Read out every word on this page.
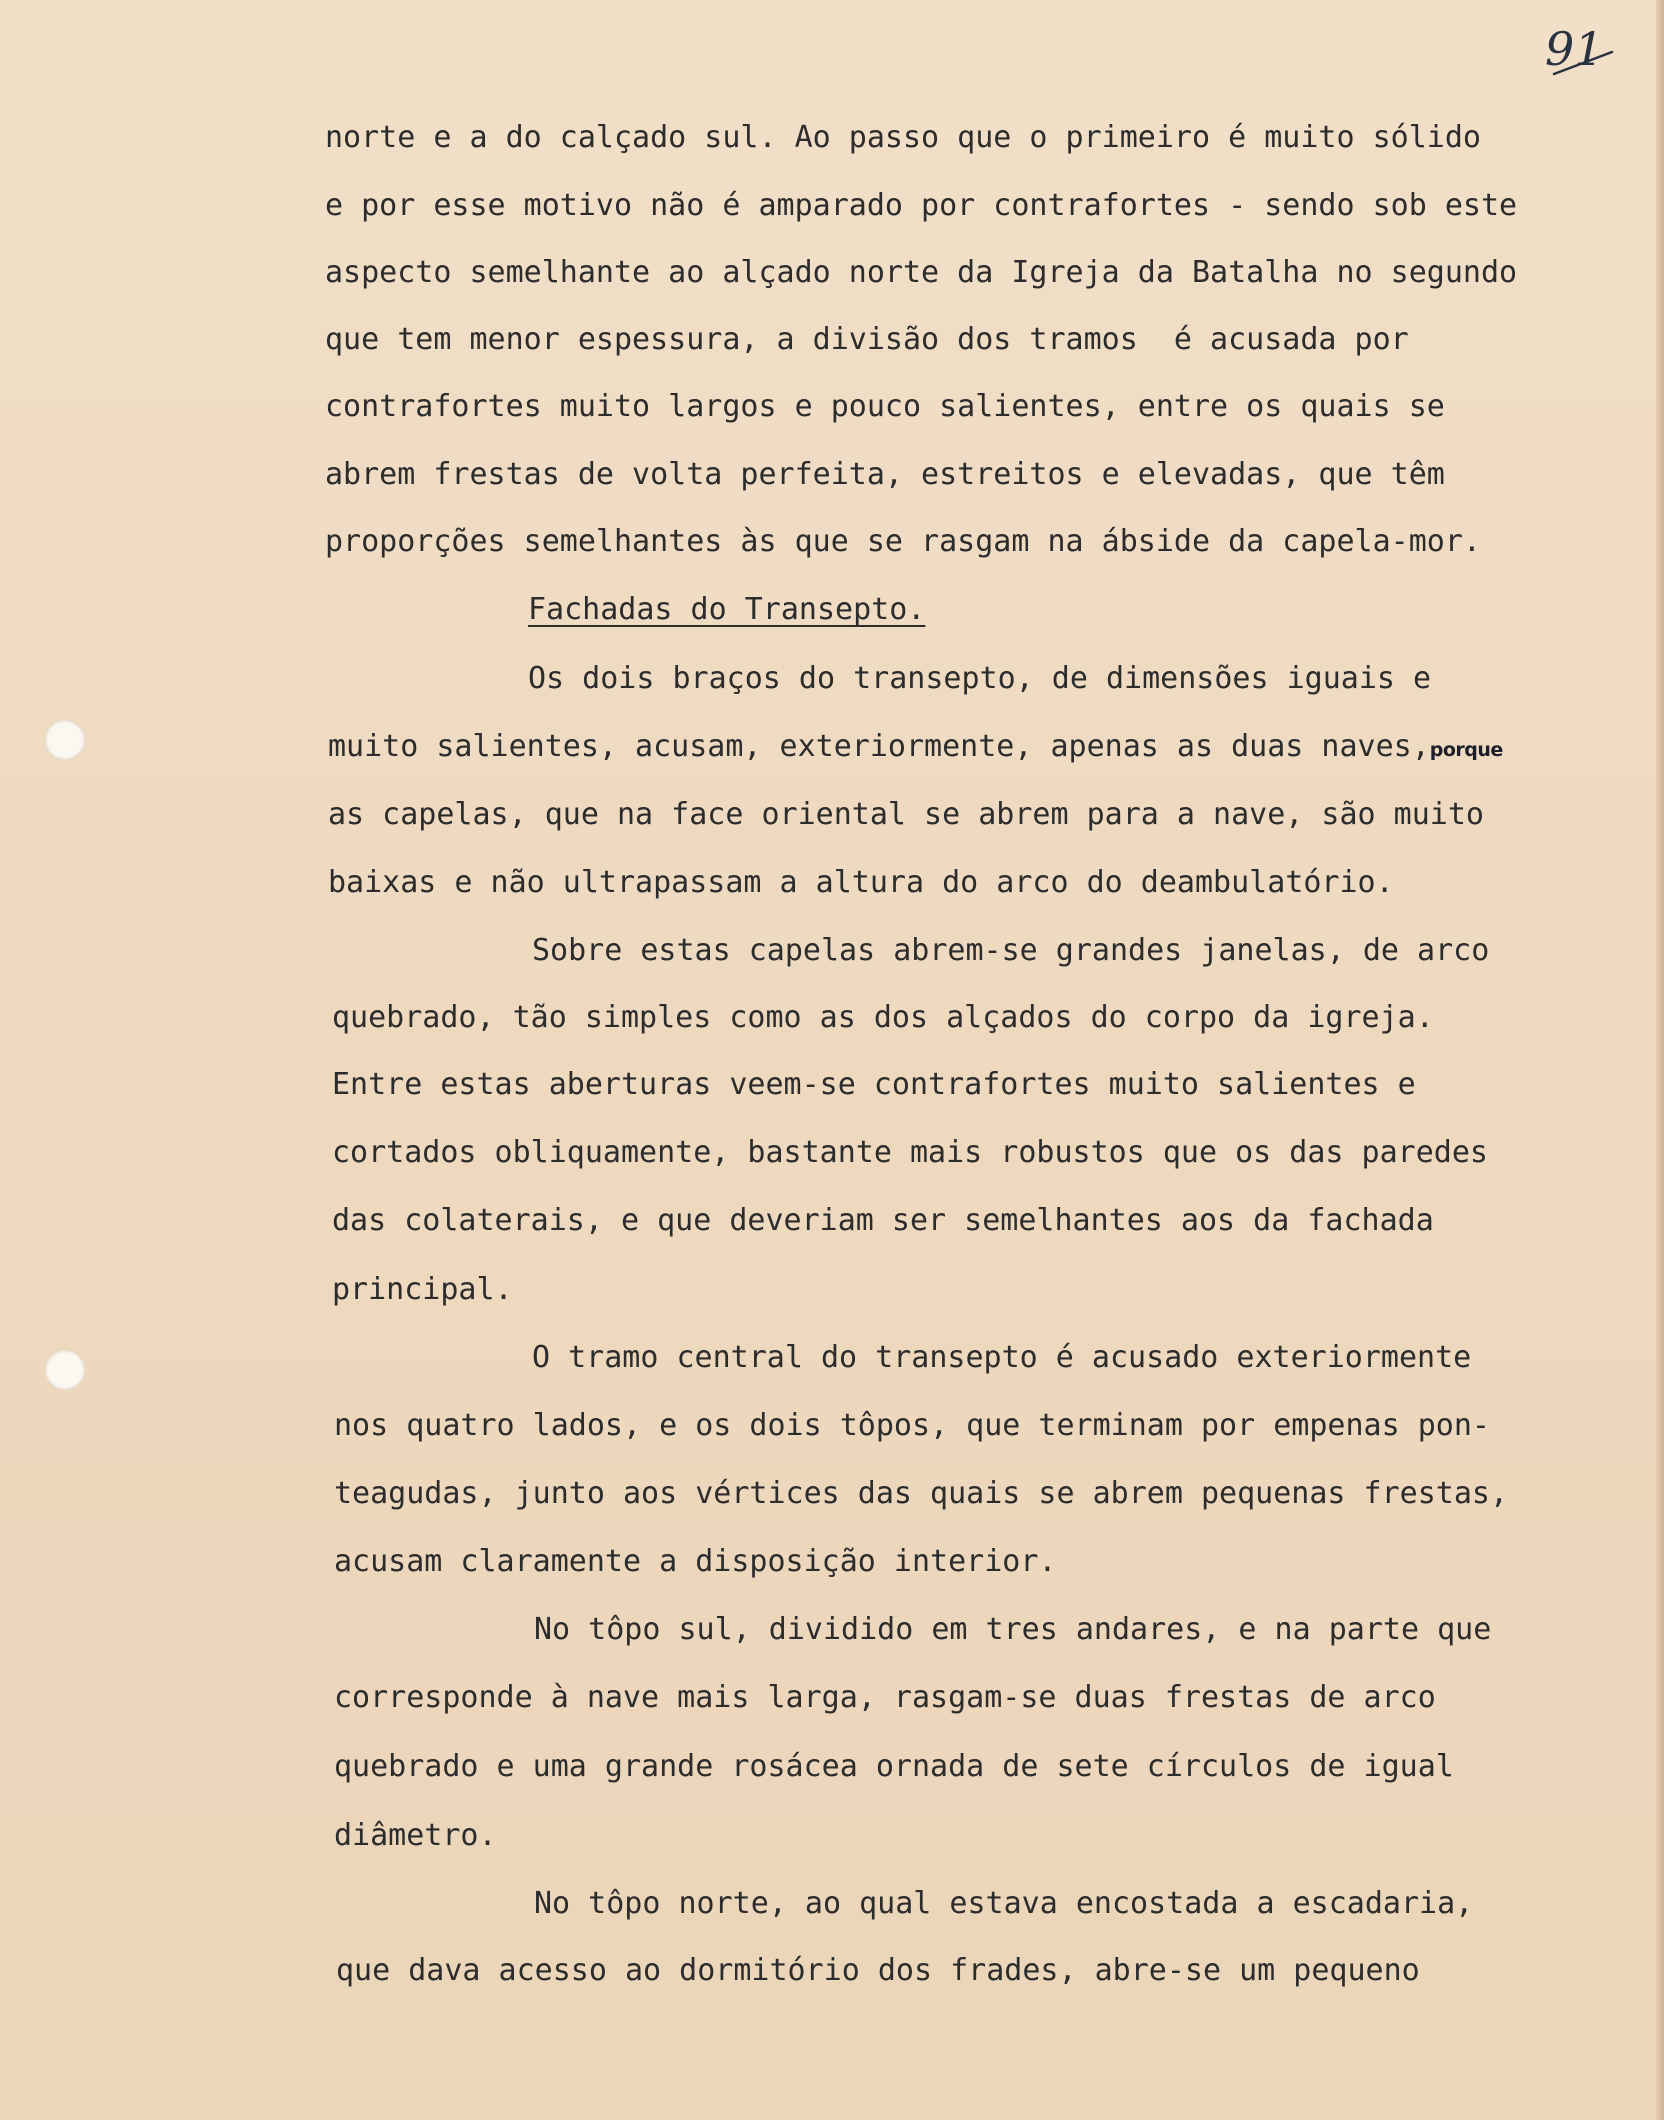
91

norte e a do calçado sul. Ao passo que o primeiro é muito sólido

e por esse motivo não é amparado por contrafortes - sendo sob este

aspecto semelhante ao alçado norte da Igreja da Batalha no segundo

que tem menor espessura, a divisão dos tramos  é acusada por

contrafortes muito largos e pouco salientes, entre os quais se

abrem frestas de volta perfeita, estreitos e elevadas, que têm

proporções semelhantes às que se rasgam na ábside da capela-mor.

Fachadas do Transepto.

Os dois braços do transepto, de dimensões iguais e

muito salientes, acusam, exteriormente, apenas as duas naves,porque

as capelas, que na face oriental se abrem para a nave, são muito

baixas e não ultrapassam a altura do arco do deambulatório.

Sobre estas capelas abrem-se grandes janelas, de arco

quebrado, tão simples como as dos alçados do corpo da igreja.

Entre estas aberturas veem-se contrafortes muito salientes e

cortados obliquamente, bastante mais robustos que os das paredes

das colaterais, e que deveriam ser semelhantes aos da fachada

principal.

O tramo central do transepto é acusado exteriormente

nos quatro lados, e os dois tôpos, que terminam por empenas pon-

teagudas, junto aos vértices das quais se abrem pequenas frestas,

acusam claramente a disposição interior.

No tôpo sul, dividido em tres andares, e na parte que

corresponde à nave mais larga, rasgam-se duas frestas de arco

quebrado e uma grande rosácea ornada de sete círculos de igual

diâmetro.

No tôpo norte, ao qual estava encostada a escadaria,

que dava acesso ao dormitório dos frades, abre-se um pequeno
